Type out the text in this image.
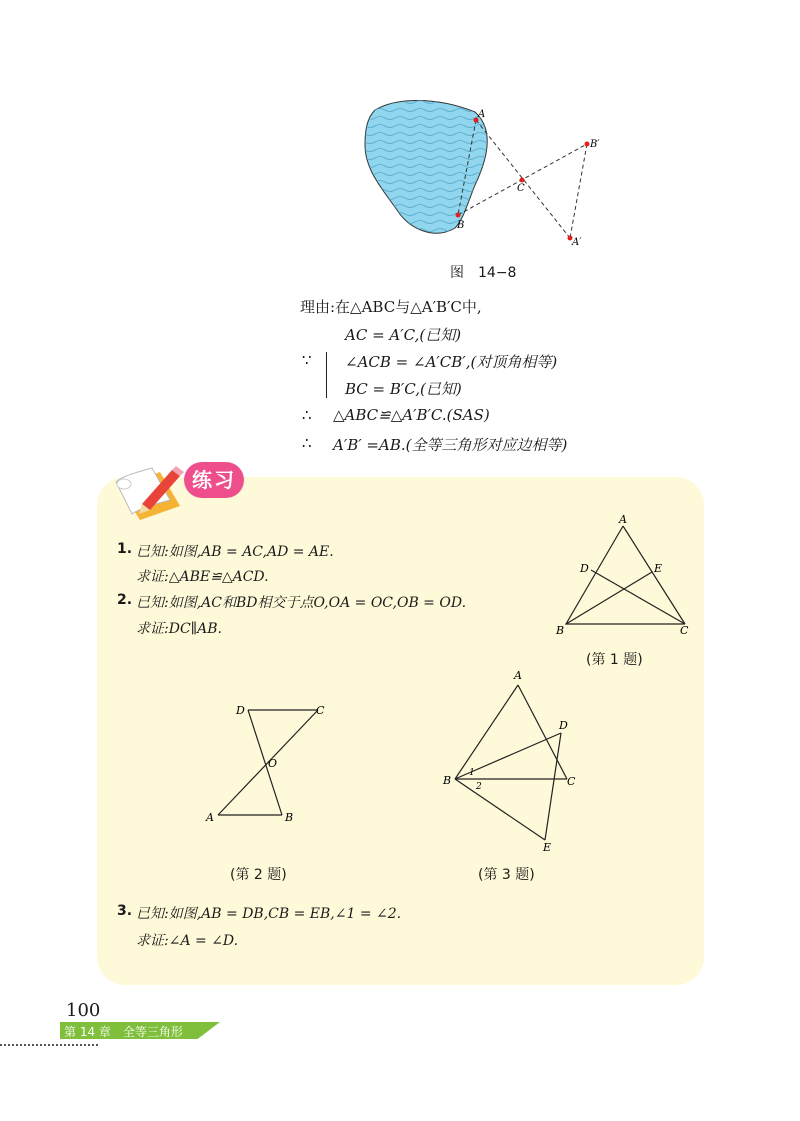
A
B
C
B′
A′
图　14−8
理由:在△ABC与△A′B′C中,
AC = A′C,(已知)
∵ ∠ACB = ∠A′CB′,(对顶角相等)
BC = B′C,(已知)
∴ △ABC≌△A′B′C.(SAS)
∴ A′B′ =AB.(全等三角形对应边相等)
练习
1. 已知:如图,AB = AC,AD = AE.
求证:△ABE≌△ACD.
2. 已知:如图,AC和BD相交于点O,OA = OC,OB = OD.
求证:DC∥AB.
A
B	C
D	E
(第 1 题)
D	C
O
A	B
(第 2 题)
A
B	C
D
E
1
2
(第 3 题)
3. 已知:如图,AB = DB,CB = EB,∠1 = ∠2.
求证:∠A = ∠D.
100
第 14 章　全等三角形
